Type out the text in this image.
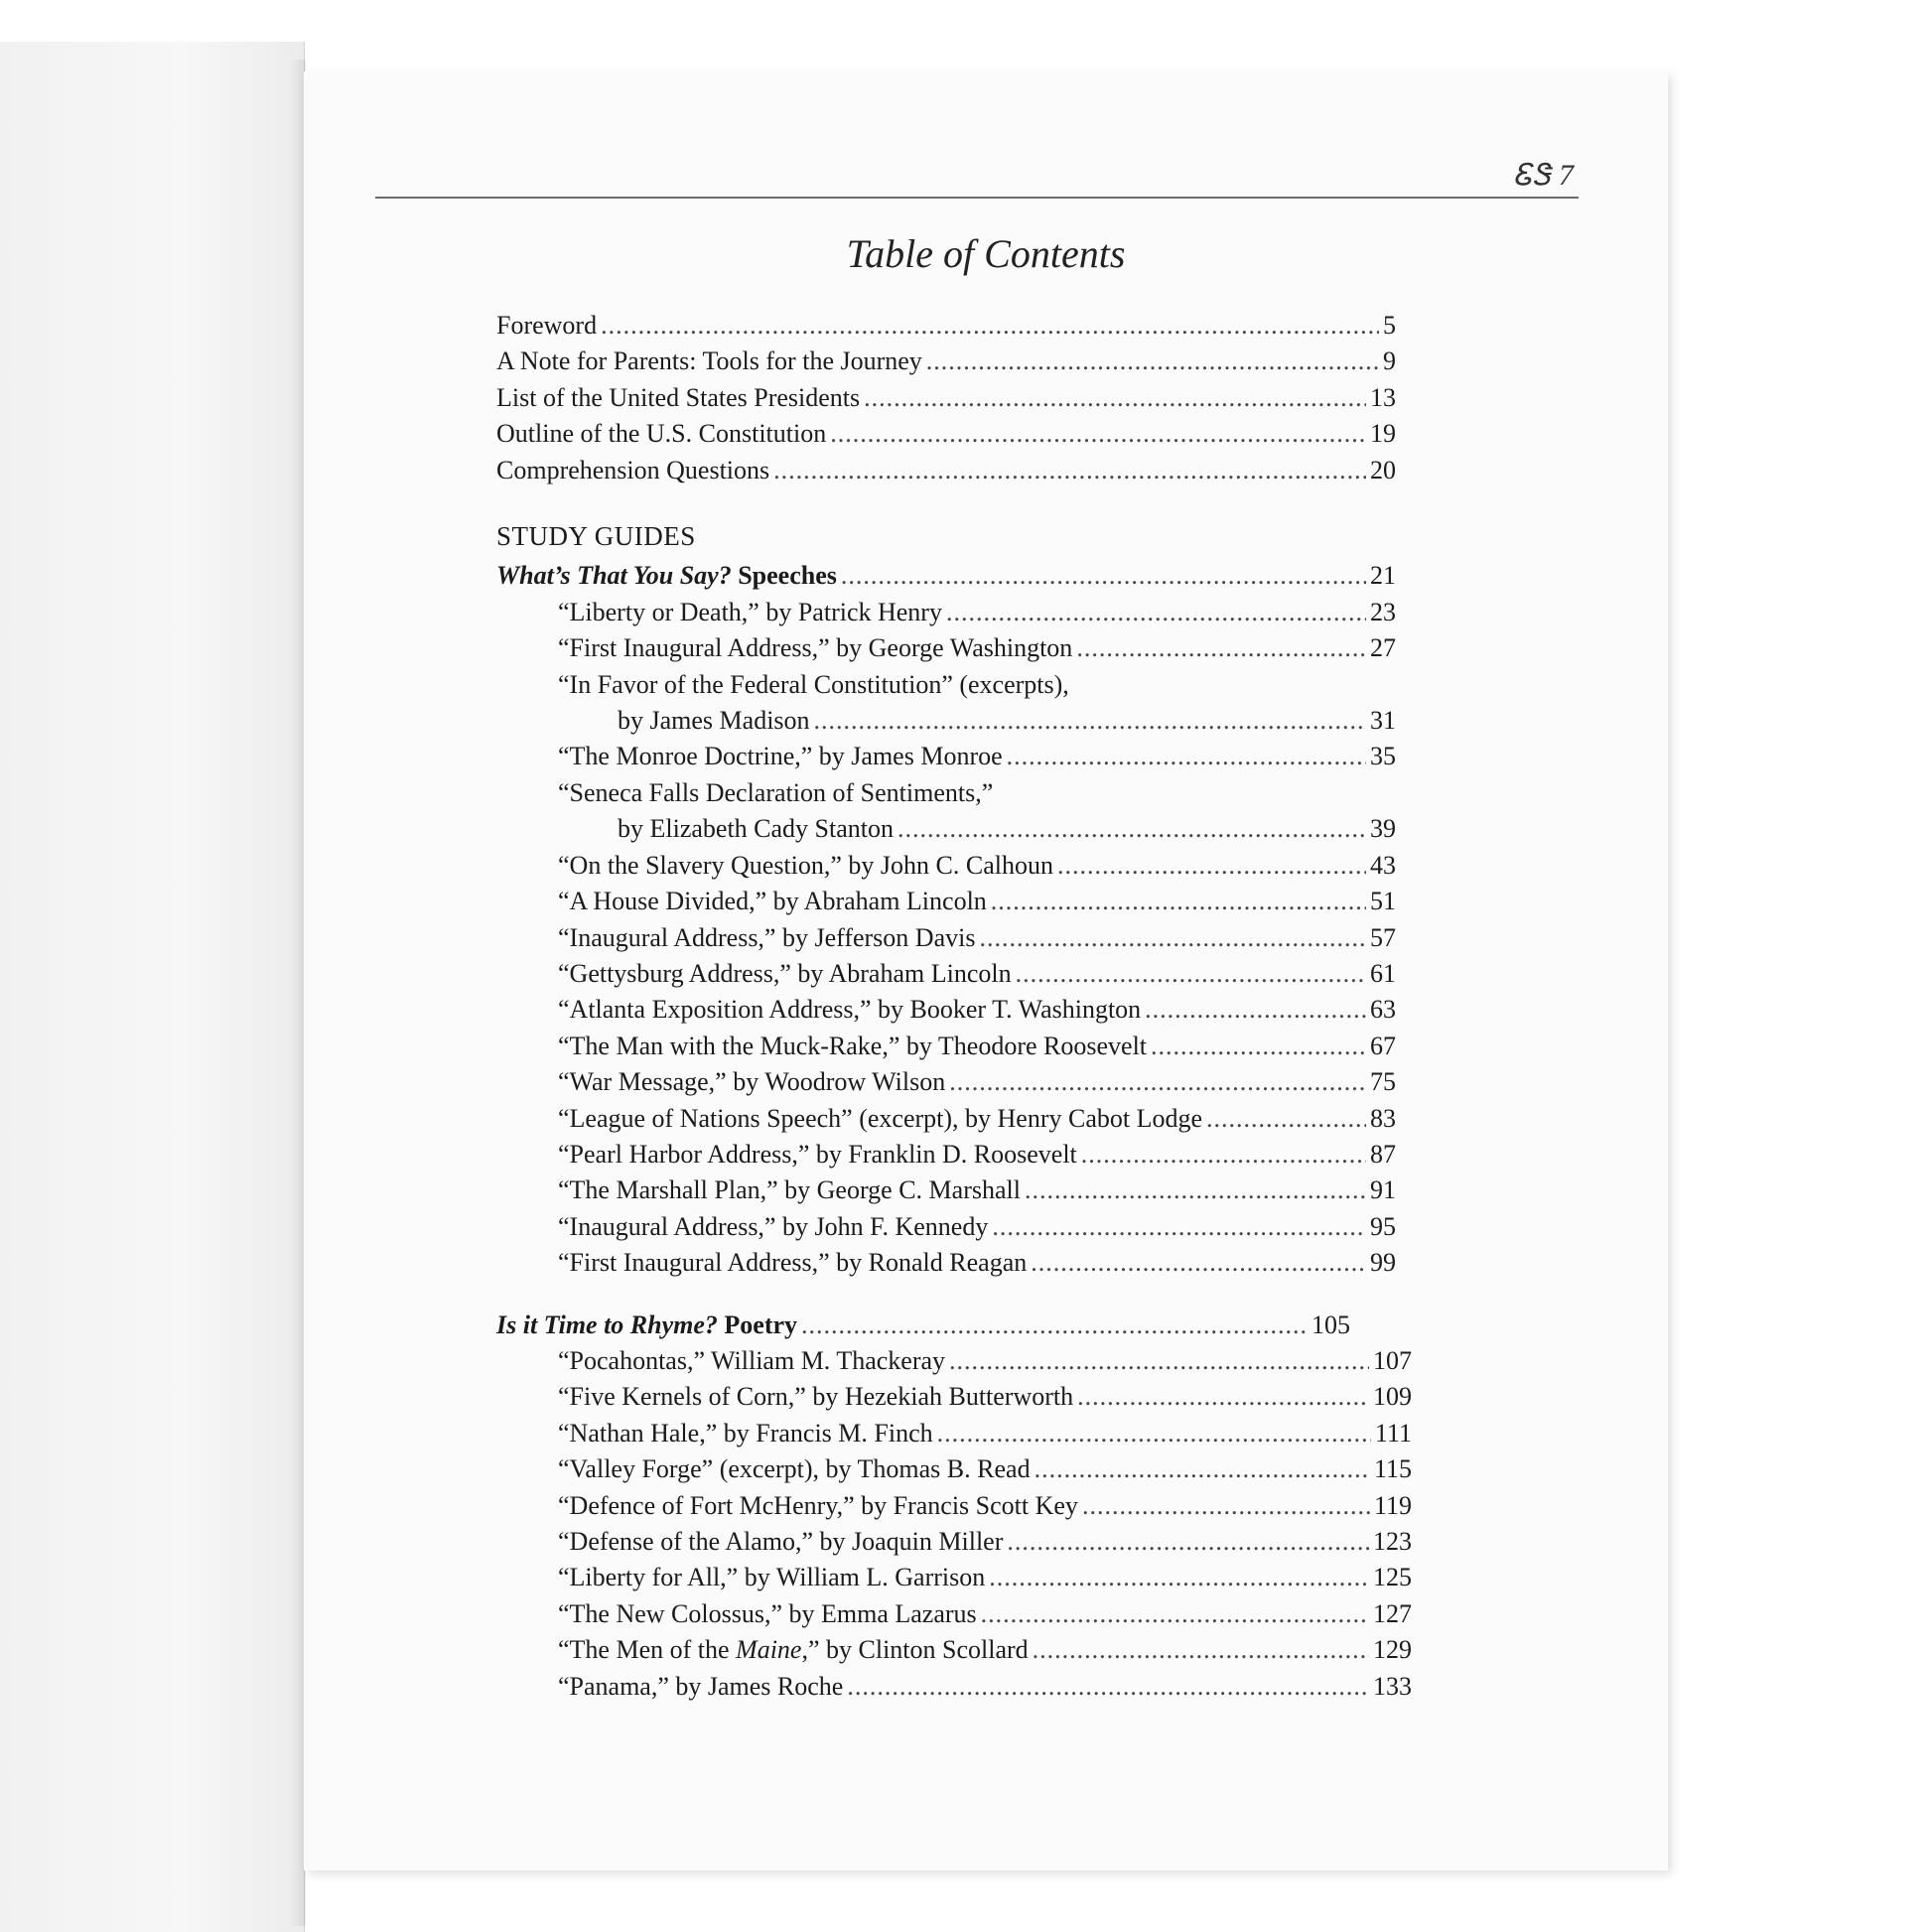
ᏋᏕ 7
Table of Contents
Foreword .....	5
A Note for Parents: Tools for the Journey .....	9
List of the United States Presidents .....	13
Outline of the U.S. Constitution .....	19
Comprehension Questions .....	20
STUDY GUIDES
What’s That You Say? Speeches .....	21
“Liberty or Death,” by Patrick Henry .....	23
“First Inaugural Address,” by George Washington .....	27
“In Favor of the Federal Constitution” (excerpts),
by James Madison .....	31
“The Monroe Doctrine,” by James Monroe .....	35
“Seneca Falls Declaration of Sentiments,”
by Elizabeth Cady Stanton .....	39
“On the Slavery Question,” by John C. Calhoun .....	43
“A House Divided,” by Abraham Lincoln .....	51
“Inaugural Address,” by Jefferson Davis .....	57
“Gettysburg Address,” by Abraham Lincoln .....	61
“Atlanta Exposition Address,” by Booker T. Washington .....	63
“The Man with the Muck-Rake,” by Theodore Roosevelt .....	67
“War Message,” by Woodrow Wilson .....	75
“League of Nations Speech” (excerpt), by Henry Cabot Lodge .....	83
“Pearl Harbor Address,” by Franklin D. Roosevelt .....	87
“The Marshall Plan,” by George C. Marshall .....	91
“Inaugural Address,” by John F. Kennedy .....	95
“First Inaugural Address,” by Ronald Reagan .....	99
Is it Time to Rhyme? Poetry .....	105
“Pocahontas,” William M. Thackeray .....	107
“Five Kernels of Corn,” by Hezekiah Butterworth .....	109
“Nathan Hale,” by Francis M. Finch .....	111
“Valley Forge” (excerpt), by Thomas B. Read .....	115
“Defence of Fort McHenry,” by Francis Scott Key .....	119
“Defense of the Alamo,” by Joaquin Miller .....	123
“Liberty for All,” by William L. Garrison .....	125
“The New Colossus,” by Emma Lazarus .....	127
“The Men of the Maine,” by Clinton Scollard .....	129
“Panama,” by James Roche .....	133
